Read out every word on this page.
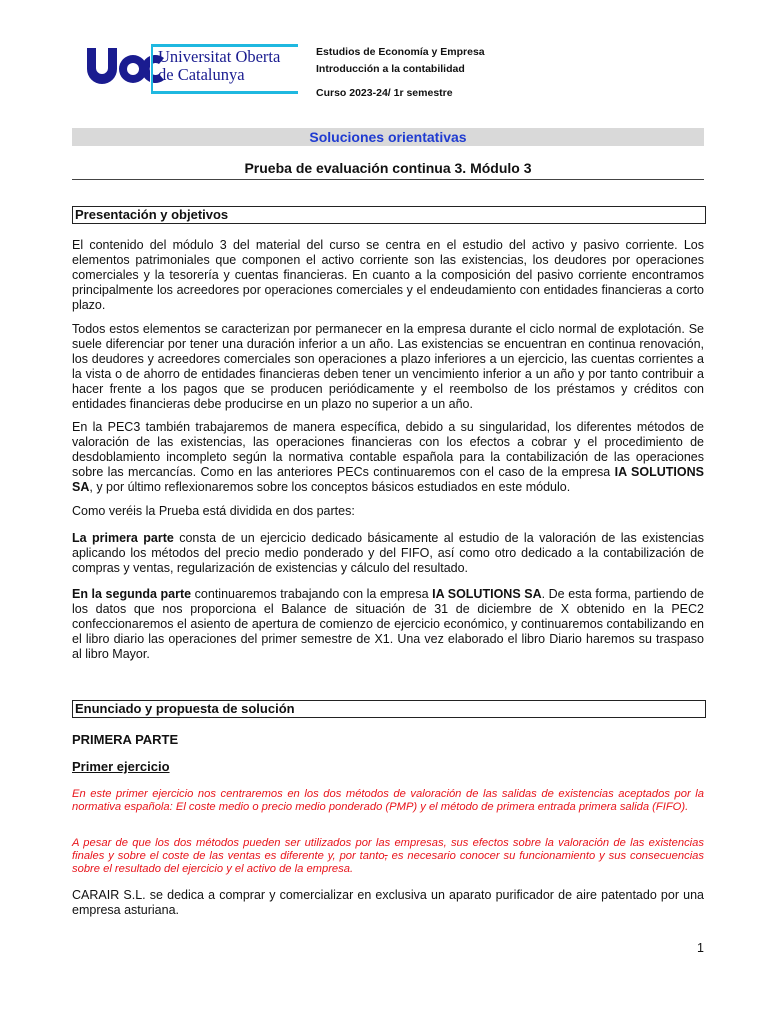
Universitat Oberta
de Catalunya
Estudios de Economía y Empresa
Introducción a la contabilidad
Curso 2023-24/ 1r semestre
Soluciones orientativas
Prueba de evaluación continua 3. Módulo 3
Presentación y objetivos
El contenido del módulo 3 del material del curso se centra en el estudio del activo y pasivo corriente. Los elementos patrimoniales que componen el activo corriente son las existencias, los deudores por operaciones comerciales y la tesorería y cuentas financieras. En cuanto a la composición del pasivo corriente encontramos principalmente los acreedores por operaciones comerciales y el endeudamiento con entidades financieras a corto plazo.
Todos estos elementos se caracterizan por permanecer en la empresa durante el ciclo normal de explotación. Se suele diferenciar por tener una duración inferior a un año. Las existencias se encuentran en continua renovación, los deudores y acreedores comerciales son operaciones a plazo inferiores a un ejercicio, las cuentas corrientes a la vista o de ahorro de entidades financieras deben tener un vencimiento inferior a un año y por tanto contribuir a hacer frente a los pagos que se producen periódicamente y el reembolso de los préstamos y créditos con entidades financieras debe producirse en un plazo no superior a un año.
En la PEC3 también trabajaremos de manera específica, debido a su singularidad, los diferentes métodos de valoración de las existencias, las operaciones financieras con los efectos a cobrar y el procedimiento de desdoblamiento incompleto según la normativa contable española para la contabilización de las operaciones sobre las mercancías. Como en las anteriores PECs continuaremos con el caso de la empresa IA SOLUTIONS SA, y por último reflexionaremos sobre los conceptos básicos estudiados en este módulo.
Como veréis la Prueba está dividida en dos partes:
La primera parte consta de un ejercicio dedicado básicamente al estudio de la valoración de las existencias aplicando los métodos del precio medio ponderado y del FIFO, así como otro dedicado a la contabilización de compras y ventas, regularización de existencias y cálculo del resultado.
En la segunda parte continuaremos trabajando con la empresa IA SOLUTIONS SA. De esta forma, partiendo de los datos que nos proporciona el Balance de situación de 31 de diciembre de X obtenido en la PEC2 confeccionaremos el asiento de apertura de comienzo de ejercicio económico, y continuaremos contabilizando en el libro diario las operaciones del primer semestre de X1. Una vez elaborado el libro Diario haremos su traspaso al libro Mayor.
Enunciado y propuesta de solución
PRIMERA PARTE
Primer ejercicio
En este primer ejercicio nos centraremos en los dos métodos de valoración de las salidas de existencias aceptados por la normativa española: El coste medio o precio medio ponderado (PMP) y el método de primera entrada primera salida (FIFO).
A pesar de que los dos métodos pueden ser utilizados por las empresas, sus efectos sobre la valoración de las existencias finales y sobre el coste de las ventas es diferente y, por tanto, es necesario conocer su funcionamiento y sus consecuencias sobre el resultado del ejercicio y el activo de la empresa.
CARAIR S.L. se dedica a comprar y comercializar en exclusiva un aparato purificador de aire patentado por una empresa asturiana.
1
